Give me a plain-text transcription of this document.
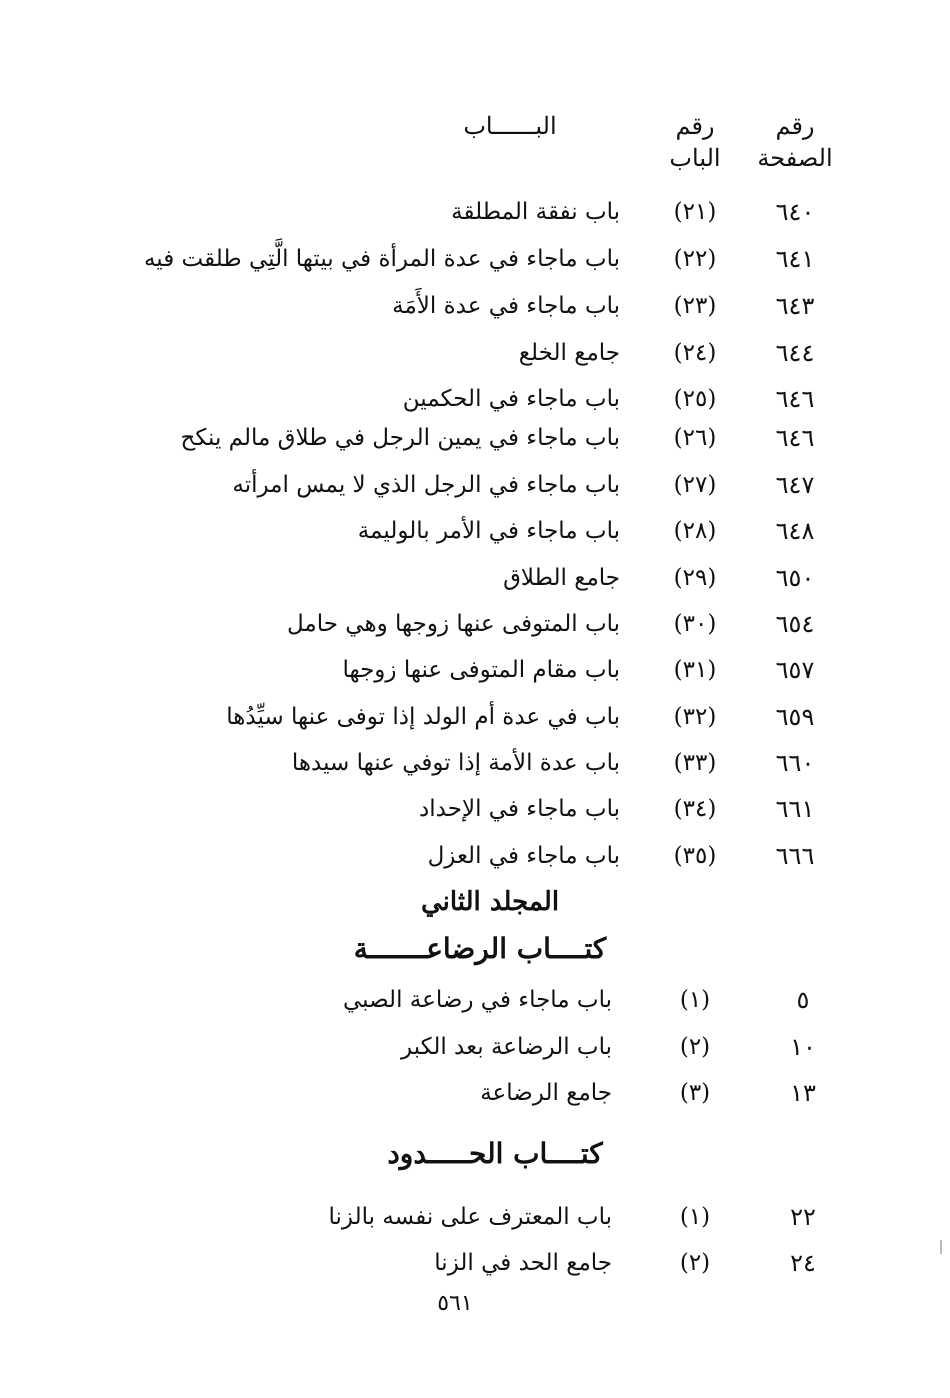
رقم الصفحة
رقم الباب
البــــــاب
٦٤٠
(٢١)
باب نفقة المطلقة
٦٤١
(٢٢)
باب ماجاء في عدة المرأة في بيتها الَّتِي طلقت فيه
٦٤٣
(٢٣)
باب ماجاء في عدة الأَمَة
٦٤٤
(٢٤)
جامع الخلع
٦٤٦
(٢٥)
باب ماجاء في الحكمين
٦٤٦
(٢٦)
باب ماجاء في يمين الرجل في طلاق مالم ينكح
٦٤٧
(٢٧)
باب ماجاء في الرجل الذي لا يمس امرأته
٦٤٨
(٢٨)
باب ماجاء في الأمر بالوليمة
٦٥٠
(٢٩)
جامع الطلاق
٦٥٤
(٣٠)
باب المتوفى عنها زوجها وهي حامل
٦٥٧
(٣١)
باب مقام المتوفى عنها زوجها
٦٥٩
(٣٢)
باب في عدة أم الولد إذا توفى عنها سيِّدُها
٦٦٠
(٣٣)
باب عدة الأمة إذا توفي عنها سيدها
٦٦١
(٣٤)
باب ماجاء في الإحداد
٦٦٦
(٣٥)
باب ماجاء في العزل
المجلد الثاني
كتــــاب الرضاعـــــــة
٥
(١)
باب ماجاء في رضاعة الصبي
١٠
(٢)
باب الرضاعة بعد الكبر
١٣
(٣)
جامع الرضاعة
كتــــاب الحـــــدود
٢٢
(١)
باب المعترف على نفسه بالزنا
٢٤
(٢)
جامع الحد في الزنا
٥٦١
